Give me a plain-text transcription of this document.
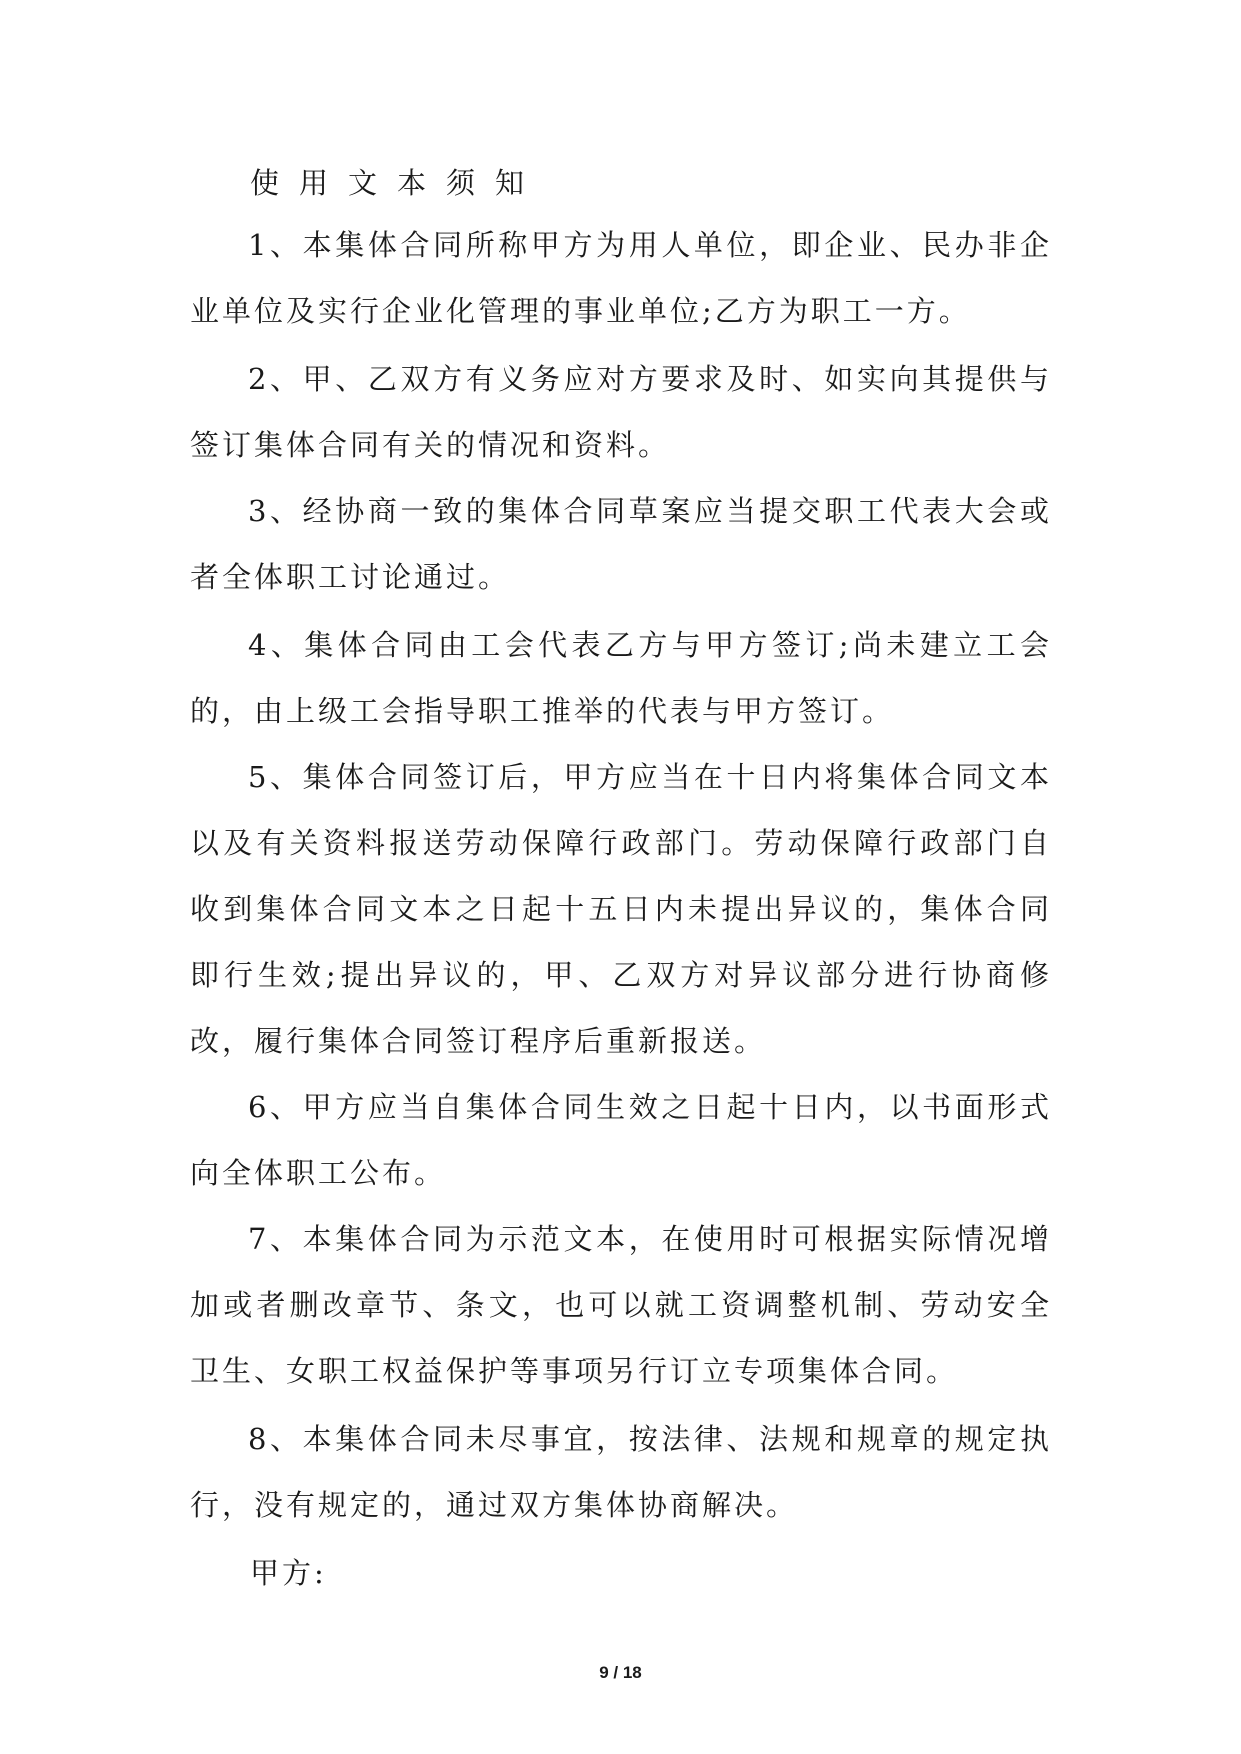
使用文本须知

1、本集体合同所称甲方为用人单位，即企业、民办非企业单位及实行企业化管理的事业单位;乙方为职工一方。

2、甲、乙双方有义务应对方要求及时、如实向其提供与签订集体合同有关的情况和资料。

3、经协商一致的集体合同草案应当提交职工代表大会或者全体职工讨论通过。

4、集体合同由工会代表乙方与甲方签订;尚未建立工会的，由上级工会指导职工推举的代表与甲方签订。

5、集体合同签订后，甲方应当在十日内将集体合同文本以及有关资料报送劳动保障行政部门。劳动保障行政部门自收到集体合同文本之日起十五日内未提出异议的，集体合同即行生效;提出异议的，甲、乙双方对异议部分进行协商修改，履行集体合同签订程序后重新报送。

6、甲方应当自集体合同生效之日起十日内，以书面形式向全体职工公布。

7、本集体合同为示范文本，在使用时可根据实际情况增加或者删改章节、条文，也可以就工资调整机制、劳动安全卫生、女职工权益保护等事项另行订立专项集体合同。

8、本集体合同未尽事宜，按法律、法规和规章的规定执行，没有规定的，通过双方集体协商解决。

甲方:
9 / 18
